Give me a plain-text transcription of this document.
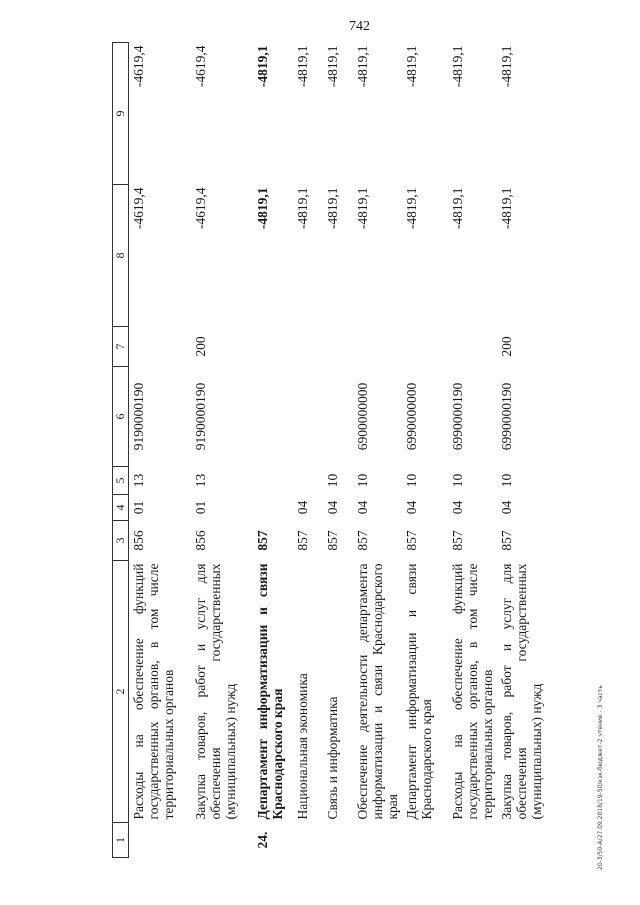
742
20-3/50-А/27.09.2018/19-50/кзк-бюджет-2 чтение - 3 часть
1	2	3	4	5	6	7	8	9
	Расходы на обеспечение функций государственных органов, в том числе территориальных органов	856	01	13	9190000190		-4619,4	-4619,4
	Закупка товаров, работ и услуг для обеспечения государственных (муниципальных) нужд	856	01	13	9190000190	200	-4619,4	-4619,4
24.	Департамент информатизации и связи Краснодарского края	857					-4819,1	-4819,1
	Национальная экономика	857	04				-4819,1	-4819,1
	Связь и информатика	857	04	10			-4819,1	-4819,1
	Обеспечение деятельности департамента информатизации и связи Краснодарского края	857	04	10	6900000000		-4819,1	-4819,1
	Департамент информатизации и связи Краснодарского края	857	04	10	6990000000		-4819,1	-4819,1
	Расходы на обеспечение функций государственных органов, в том числе территориальных органов	857	04	10	6990000190		-4819,1	-4819,1
	Закупка товаров, работ и услуг для обеспечения государственных (муниципальных) нужд	857	04	10	6990000190	200	-4819,1	-4819,1
